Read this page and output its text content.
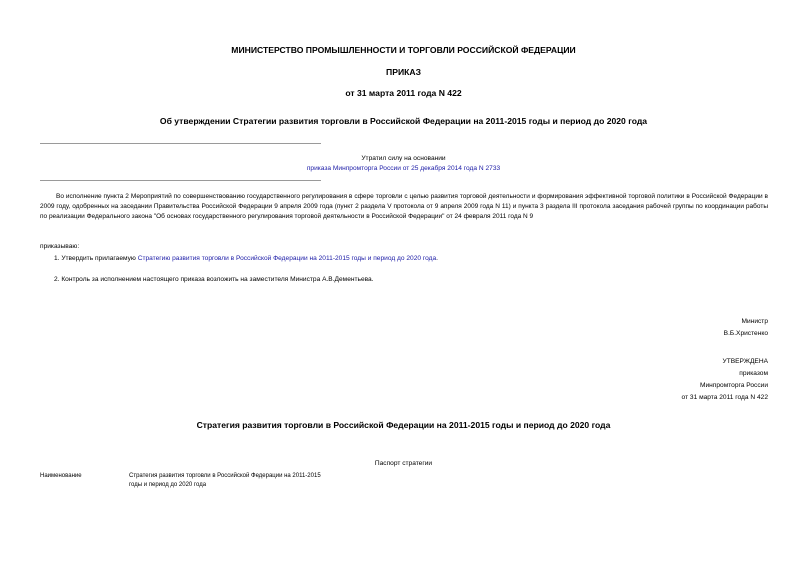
МИНИСТЕРСТВО ПРОМЫШЛЕННОСТИ И ТОРГОВЛИ РОССИЙСКОЙ ФЕДЕРАЦИИ
ПРИКАЗ
от 31 марта 2011 года N 422
Об утверждении Стратегии развития торговли в Российской Федерации на 2011-2015 годы и период до 2020 года
Утратил силу на основании
приказа Минпромторга России от 25 декабря 2014 года N 2733
Во исполнение пункта 2 Мероприятий по совершенствованию государственного регулирования в сфере торговли с целью развития торговой деятельности и формирования эффективной торговой политики в Российской Федерации в 2009 году, одобренных на заседании Правительства Российской Федерации 9 апреля 2009 года (пункт 2 раздела V протокола от 9 апреля 2009 года N 11) и пункта 3 раздела III протокола заседания рабочей группы по координации работы по реализации Федерального закона "Об основах государственного регулирования торговой деятельности в Российской Федерации" от 24 февраля 2011 года N 9
приказываю:
1. Утвердить прилагаемую Стратегию развития торговли в Российской Федерации на 2011-2015 годы и период до 2020 года.
2. Контроль за исполнением настоящего приказа возложить на заместителя Министра А.В.Дементьева.
Министр
В.Б.Христенко
УТВЕРЖДЕНА
приказом
Минпромторга России
от 31 марта 2011 года N 422
Стратегия развития торговли в Российской Федерации на 2011-2015 годы и период до 2020 года
Паспорт стратегии
Наименование	Стратегия развития торговли в Российской Федерации на 2011-2015
годы и период до 2020 года
